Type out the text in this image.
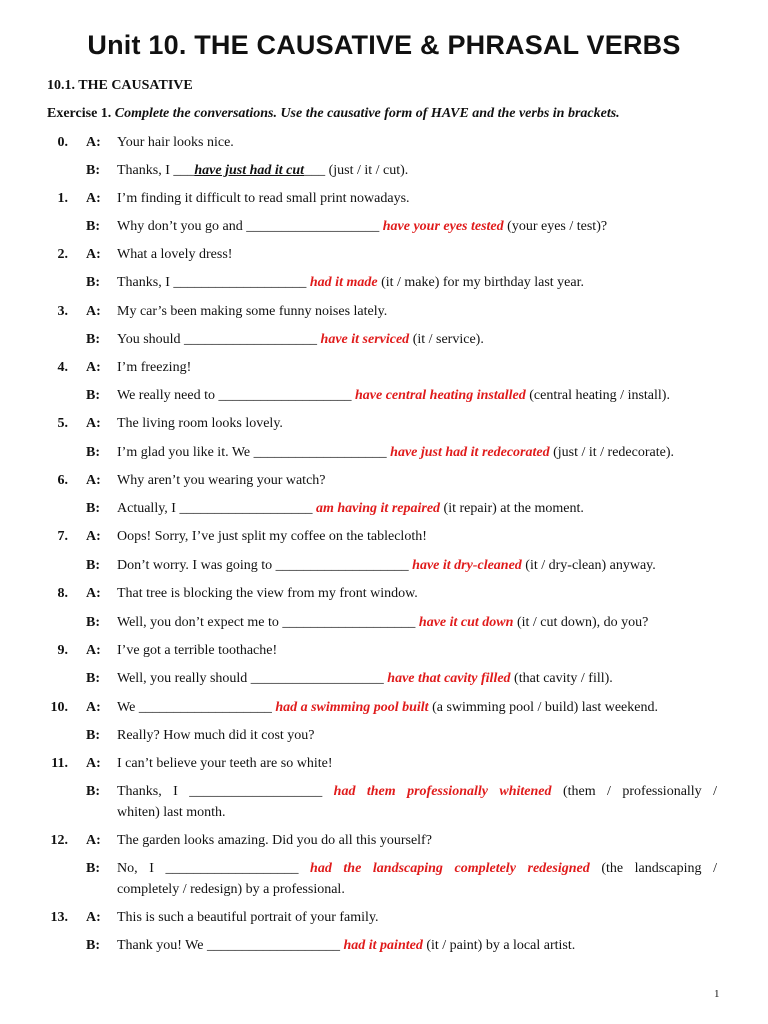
Unit 10. THE CAUSATIVE & PHRASAL VERBS
10.1. THE CAUSATIVE
Exercise 1. Complete the conversations. Use the causative form of HAVE and the verbs in brackets.
0. A: Your hair looks nice.
B: Thanks, I ___have just had it cut___ (just / it / cut).
1. A: I’m finding it difficult to read small print nowadays.
B: Why don’t you go and ___________________ have your eyes tested (your eyes / test)?
2. A: What a lovely dress!
B: Thanks, I ___________________ had it made (it / make) for my birthday last year.
3. A: My car’s been making some funny noises lately.
B: You should ___________________ have it serviced (it / service).
4. A: I’m freezing!
B: We really need to ___________________ have central heating installed (central heating / install).
5. A: The living room looks lovely.
B: I’m glad you like it. We ___________________ have just had it redecorated (just / it / redecorate).
6. A: Why aren’t you wearing your watch?
B: Actually, I ___________________ am having it repaired (it repair) at the moment.
7. A: Oops! Sorry, I’ve just split my coffee on the tablecloth!
B: Don’t worry. I was going to ___________________ have it dry-cleaned (it / dry-clean) anyway.
8. A: That tree is blocking the view from my front window.
B: Well, you don’t expect me to ___________________ have it cut down (it / cut down), do you?
9. A: I’ve got a terrible toothache!
B: Well, you really should ___________________ have that cavity filled (that cavity / fill).
10. A: We ___________________ had a swimming pool built (a swimming pool / build) last weekend.
B: Really? How much did it cost you?
11. A: I can’t believe your teeth are so white!
B: Thanks, I ___________________ had them professionally whitened (them / professionally /
whiten) last month.
12. A: The garden looks amazing. Did you do all this yourself?
B: No, I ___________________ had the landscaping completely redesigned (the landscaping /
completely / redesign) by a professional.
13. A: This is such a beautiful portrait of your family.
B: Thank you! We ___________________ had it painted (it / paint) by a local artist.
1
